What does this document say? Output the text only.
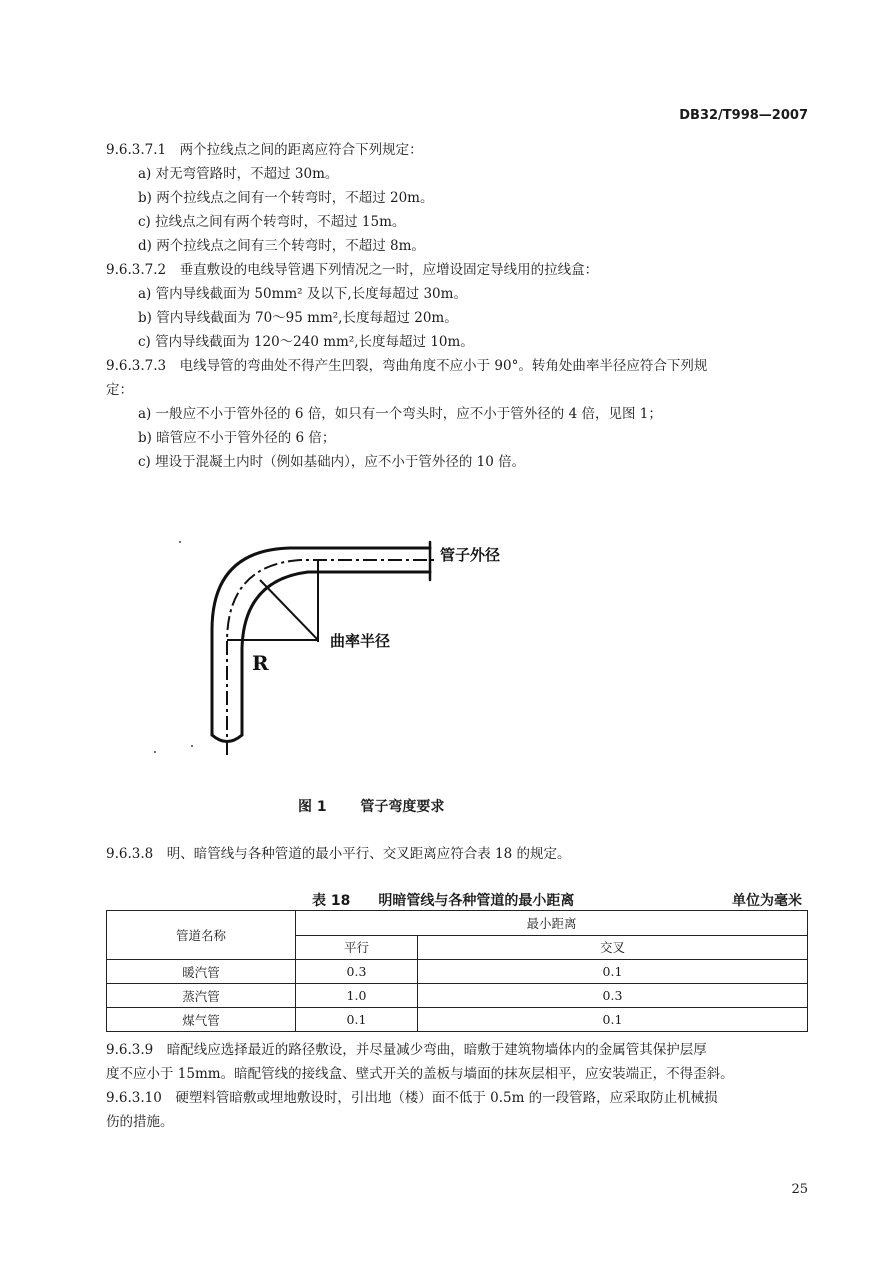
DB32/T998—2007
9.6.3.7.1　两个拉线点之间的距离应符合下列规定：
a) 对无弯管路时，不超过 30m。
b) 两个拉线点之间有一个转弯时，不超过 20m。
c) 拉线点之间有两个转弯时，不超过 15m。
d) 两个拉线点之间有三个转弯时，不超过 8m。
9.6.3.7.2　垂直敷设的电线导管遇下列情况之一时，应增设固定导线用的拉线盒：
a) 管内导线截面为 50mm² 及以下,长度每超过 30m。
b) 管内导线截面为 70～95 mm²,长度每超过 20m。
c) 管内导线截面为 120～240 mm²,长度每超过 10m。
9.6.3.7.3　电线导管的弯曲处不得产生凹裂，弯曲角度不应小于 90°。转角处曲率半径应符合下列规
定：
a) 一般应不小于管外径的 6 倍，如只有一个弯头时，应不小于管外径的 4 倍，见图 1；
b) 暗管应不小于管外径的 6 倍；
c) 埋设于混凝土内时（例如基础内），应不小于管外径的 10 倍。
R
曲率半径
管子外径
图 1 管子弯度要求
9.6.3.8　明、暗管线与各种管道的最小平行、交叉距离应符合表 18 的规定。
表 18　　明暗管线与各种管道的最小距离	单位为毫米
管道名称	最小距离	
	平行	交叉
暖汽管	0.3	0.1
蒸汽管	1.0	0.3
煤气管	0.1	0.1
9.6.3.9　暗配线应选择最近的路径敷设，并尽量减少弯曲，暗敷于建筑物墙体内的金属管其保护层厚
度不应小于 15mm。暗配管线的接线盒、壁式开关的盖板与墙面的抹灰层相平，应安装端正，不得歪斜。
9.6.3.10　硬塑料管暗敷或埋地敷设时，引出地（楼）面不低于 0.5m 的一段管路，应采取防止机械损
伤的措施。
25
